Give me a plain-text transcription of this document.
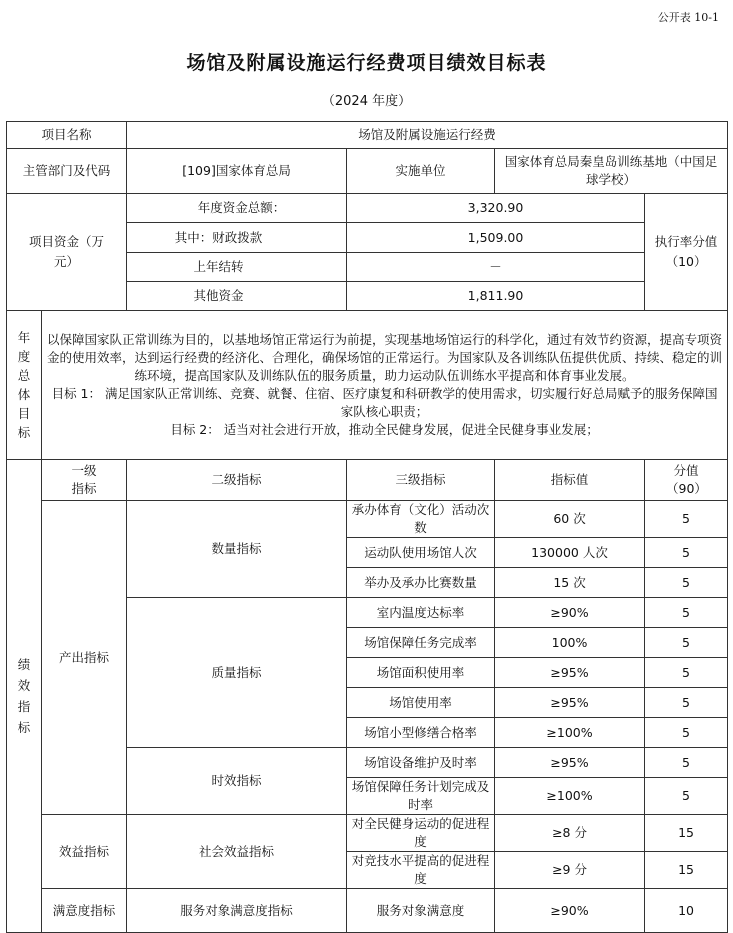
公开表 10-1
场馆及附属设施运行经费项目绩效目标表
（2024 年度）
项目名称		场馆及附属设施运行经费			
主管部门及代码		[109]国家体育总局	实施单位	国家体育总局秦皇岛训练基地（中国足球学校）	

项目资金（万元）		年度资金总额：	3,320.90		执行率分值（10）

		其中：财政拨款	1,509.00		
		上年结转	－		
		其他资金	1,811.90		

年度总体目标	以保障国家队正常训练为目的，以基地场馆正常运行为前提，实现基地场馆运行的科学化，通过有效节约资源，提高专项资金的使用效率，达到运行经费的经济化、合理化，确保场馆的正常运行。为国家队及各训练队伍提供优质、持续、稳定的训练环境，提高国家队及训练队伍的服务质量，助力运动队伍训练水平提高和体育事业发展。
目标 1： 满足国家队正常训练、竞赛、就餐、住宿、医疗康复和科研教学的使用需求，切实履行好总局赋予的服务保障国家队核心职责；
目标 2： 适当对社会进行开放，推动全民健身发展，促进全民健身事业发展；				

绩效指标	一级指标	二级指标	三级指标	指标值	分值（90）

	产出指标	数量指标	承办体育（文化）活动次数	60 次	5
			运动队使用场馆人次	130000 人次	5
			举办及承办比赛数量	15 次	5
		质量指标	室内温度达标率	≥90%	5
			场馆保障任务完成率	100%	5
			场馆面积使用率	≥95%	5
			场馆使用率	≥95%	5
			场馆小型修缮合格率	≥100%	5
		时效指标	场馆设备维护及时率	≥95%	5
			场馆保障任务计划完成及时率	≥100%	5
	效益指标	社会效益指标	对全民健身运动的促进程度	≥8 分	15
			对竞技水平提高的促进程度	≥9 分	15

	满意度指标	服务对象满意度指标	服务对象满意度	≥90%	10
